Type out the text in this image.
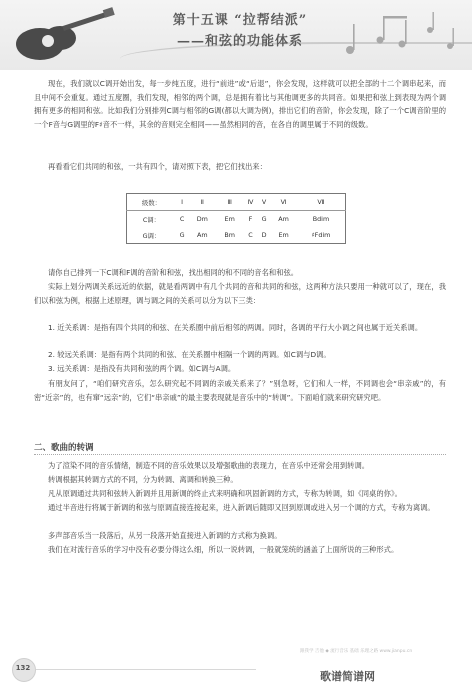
第十五课 “拉帮结派”
——和弦的功能体系
现在，我们就以C调开始出发，每一步纯五度，进行“前进”或“后退”，你会发现，这样就可以把全部的十二个调串起来，而且中间不会重复。通过五度圈，我们发现，相邻的两个调，总是拥有着比与其他调更多的共同音。如果把和弦上到表现为两个调拥有更多的相同和弦。比如我们分别排列C调与相邻的G调(都以大调为例)，排出它们的音阶，你会发现，除了一个C调音阶里的一个F音与G调里的F♯音不一样，其余的音则完全相同——虽然相同的音，在各自的调里属于不同的级数。
再看看它们共同的和弦，一共有四个，请对照下表，把它们找出来：
级数：	Ⅰ	Ⅱ	Ⅲ	Ⅳ	Ⅴ	Ⅵ	Ⅶ
C调：	C	Dm	Em	F	G	Am	Bdim
G调：	G	Am	Bm	C	D	Em	♯Fdim
请你自己排列一下C调和F调的音阶和和弦，找出相同的和不同的音名和和弦。
实际上划分两调关系远近的依据，就是看两调中有几个共同的音和共同的和弦，这两种方法只要用一种就可以了，现在，我们以和弦为例，根据上述原理，调与调之间的关系可以分为以下三类：
1. 近关系调：是指有四个共同的和弦、在关系圈中前后相邻的两调。同时，各调的平行大小调之间也属于近关系调。
2. 较远关系调：是指有两个共同的和弦、在关系圈中相隔一个调的两调。如C调与D调。
3. 远关系调：是指没有共同和弦的两个调。如C调与A调。
有朋友问了，“咱们研究音乐，怎么研究起不同调的亲戚关系来了？”别急呀，它们和人一样，不同调也会“串亲戚”的，有密“近亲”的，也有窜“远亲”的，它们“串亲戚”的最主要表现就是音乐中的“转调”。下面咱们就来研究研究吧。
二、歌曲的转调
为了渲染不同的音乐情绪，制造不同的音乐效果以及增强歌曲的表现力，在音乐中还常会用到转调。
转调根据其转调方式的不同，分为转调、离调和转换三种。
凡从原调通过共同和弦转入新调并且用新调的终止式来明确和巩固新调的方式，专称为转调，如《同桌的你》。
通过半音进行将属于新调的和弦与原调直接连接起来，进入新调后随即又回到原调或进入另一个调的方式，专称为离调。
多声部音乐当一段落后，从另一段落开始直接进入新调的方式称为换调。
我们在对流行音乐的学习中没有必要分得这么细，所以一说转调，一般就笼统的涵盖了上面所说的三种形式。
132
跟我学 吉他 ◆ 流行音乐 基础 乐理之路 www.jianpu.cn
歌谱简谱网
